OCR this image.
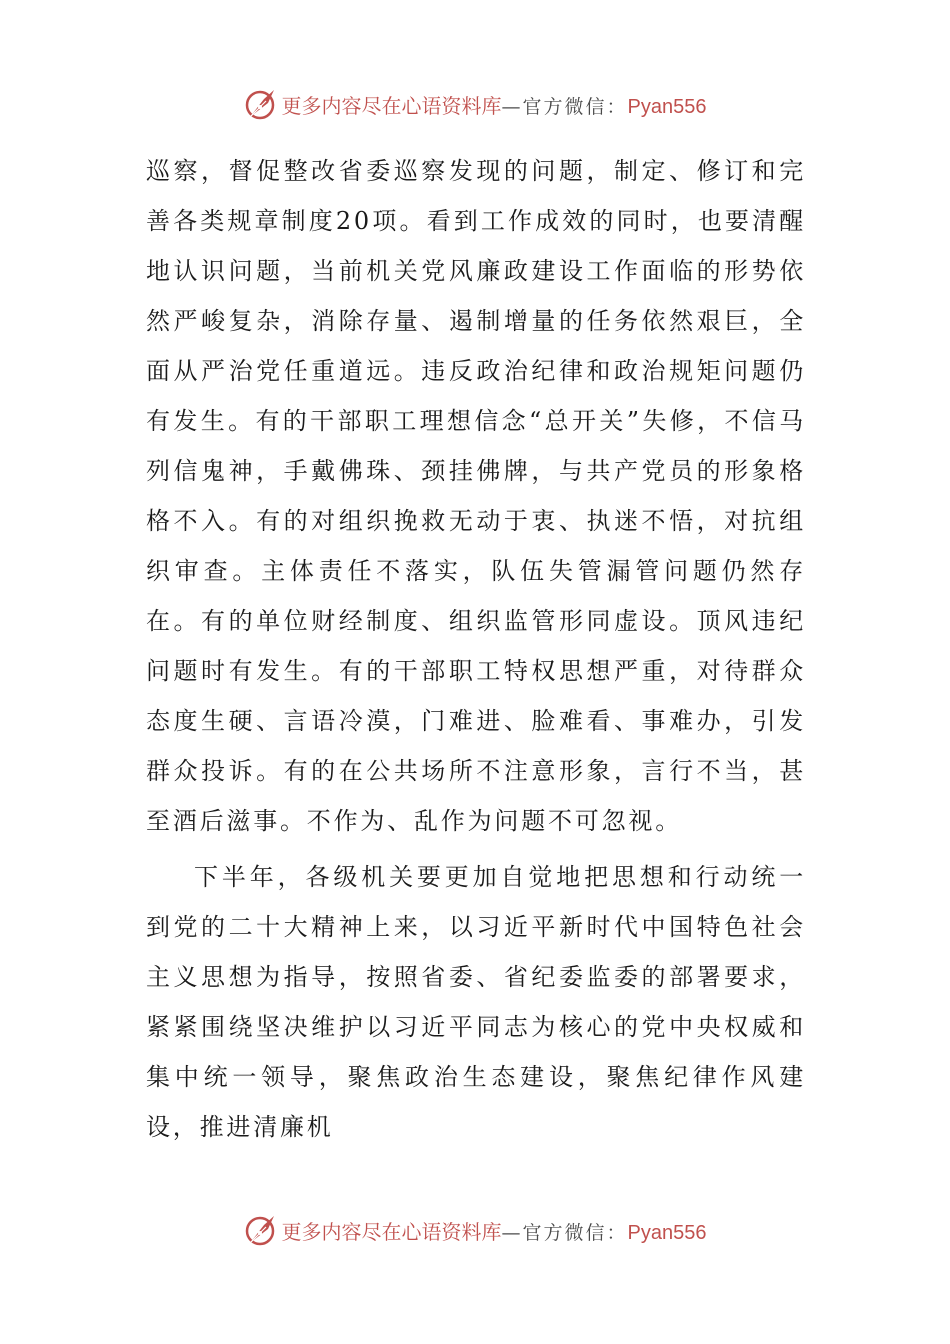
更多内容尽在心语资料库 — 官方微信： Pyan556

巡察，督促整改省委巡察发现的问题，制定、修订和完善各类规章制度20项。看到工作成效的同时，也要清醒地认识问题，当前机关党风廉政建设工作面临的形势依然严峻复杂，消除存量、遏制增量的任务依然艰巨，全面从严治党任重道远。违反政治纪律和政治规矩问题仍有发生。有的干部职工理想信念“总开关”失修，不信马列信鬼神，手戴佛珠、颈挂佛牌，与共产党员的形象格格不入。有的对组织挽救无动于衷、执迷不悟，对抗组织审查。主体责任不落实，队伍失管漏管问题仍然存在。有的单位财经制度、组织监管形同虚设。顶风违纪问题时有发生。有的干部职工特权思想严重，对待群众态度生硬、言语冷漠，门难进、脸难看、事难办，引发群众投诉。有的在公共场所不注意形象，言行不当，甚至酒后滋事。不作为、乱作为问题不可忽视。

下半年，各级机关要更加自觉地把思想和行动统一到党的二十大精神上来，以习近平新时代中国特色社会主义思想为指导，按照省委、省纪委监委的部署要求，紧紧围绕坚决维护以习近平同志为核心的党中央权威和集中统一领导，聚焦政治生态建设，聚焦纪律作风建设，推进清廉机

更多内容尽在心语资料库 — 官方微信： Pyan556
